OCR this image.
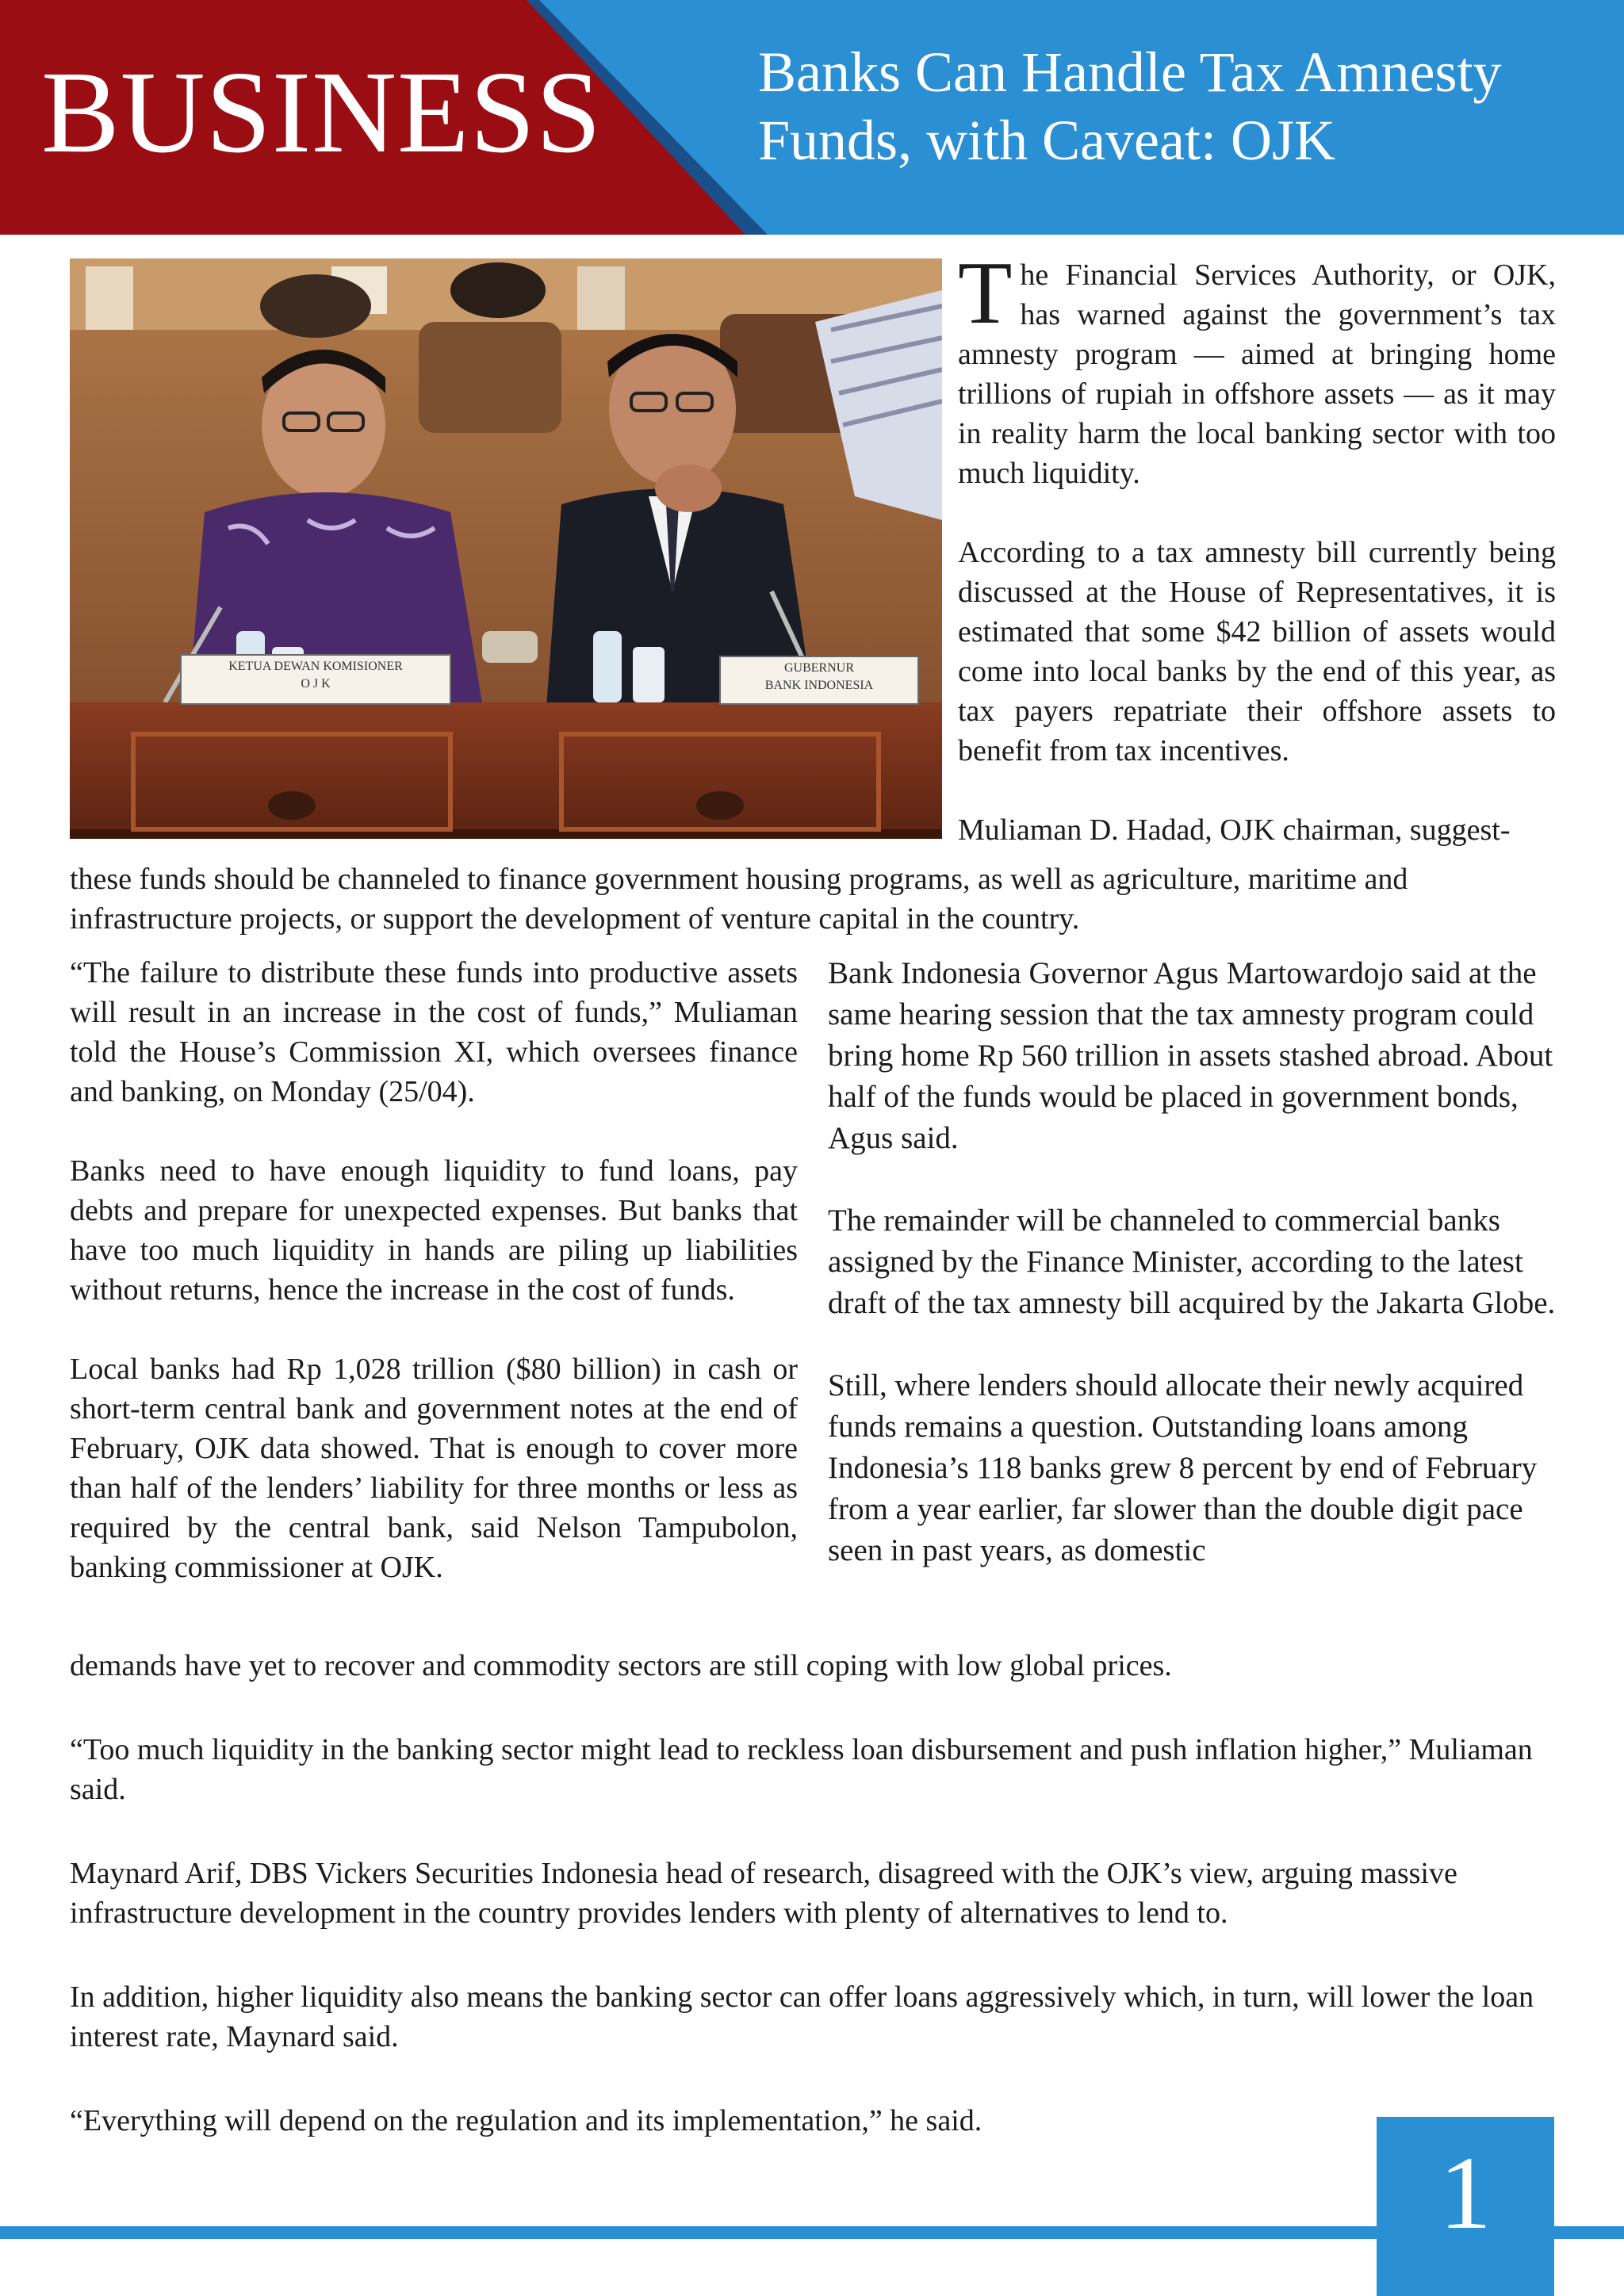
BUSINESS	Banks Can Handle Tax Amnesty
Funds, with Caveat: OJK
KETUA DEWAN KOMISIONER
O J K
GUBERNUR
BANK INDONESIA

The Financial Services Authority, or OJK, has warned against the government’s tax amnesty program — aimed at bringing home trillions of rupiah in offshore assets — as it may in reality harm the local banking sector with too much liquidity.

According to a tax amnesty bill currently being discussed at the House of Representatives, it is estimated that some $42 billion of assets would come into local banks by the end of this year, as tax payers repatriate their offshore assets to benefit from tax incentives.

Muliaman D. Hadad, OJK chairman, suggest-

these funds should be channeled to finance government housing programs, as well as agriculture, maritime and infrastructure projects, or support the development of venture capital in the country.

“The failure to distribute these funds into productive assets will result in an increase in the cost of funds,” Muliaman told the House’s Commission XI, which oversees finance and banking, on Monday (25/04).

Banks need to have enough liquidity to fund loans, pay debts and prepare for unexpected expenses. But banks that have too much liquidity in hands are piling up liabilities without returns, hence the increase in the cost of funds.

Local banks had Rp 1,028 trillion ($80 billion) in cash or short-term central bank and government notes at the end of February, OJK data showed. That is enough to cover more than half of the lenders’ liability for three months or less as required by the central bank, said Nelson Tampubolon, banking commissioner at OJK.

Bank Indonesia Governor Agus Martowardojo said at the same hearing session that the tax amnesty program could bring home Rp 560 trillion in assets stashed abroad. About half of the funds would be placed in government bonds, Agus said.

The remainder will be channeled to commercial banks assigned by the Finance Minister, according to the latest draft of the tax amnesty bill acquired by the Jakarta Globe.

Still, where lenders should allocate their newly acquired funds remains a question. Outstanding loans among Indonesia’s 118 banks grew 8 percent by end of February from a year earlier, far slower than the double digit pace seen in past years, as domestic

demands have yet to recover and commodity sectors are still coping with low global prices.

“Too much liquidity in the banking sector might lead to reckless loan disbursement and push inflation higher,” Muliaman said.

Maynard Arif, DBS Vickers Securities Indonesia head of research, disagreed with the OJK’s view, arguing massive infrastructure development in the country provides lenders with plenty of alternatives to lend to.

In addition, higher liquidity also means the banking sector can offer loans aggressively which, in turn, will lower the loan interest rate, Maynard said.

“Everything will depend on the regulation and its implementation,” he said.

1
